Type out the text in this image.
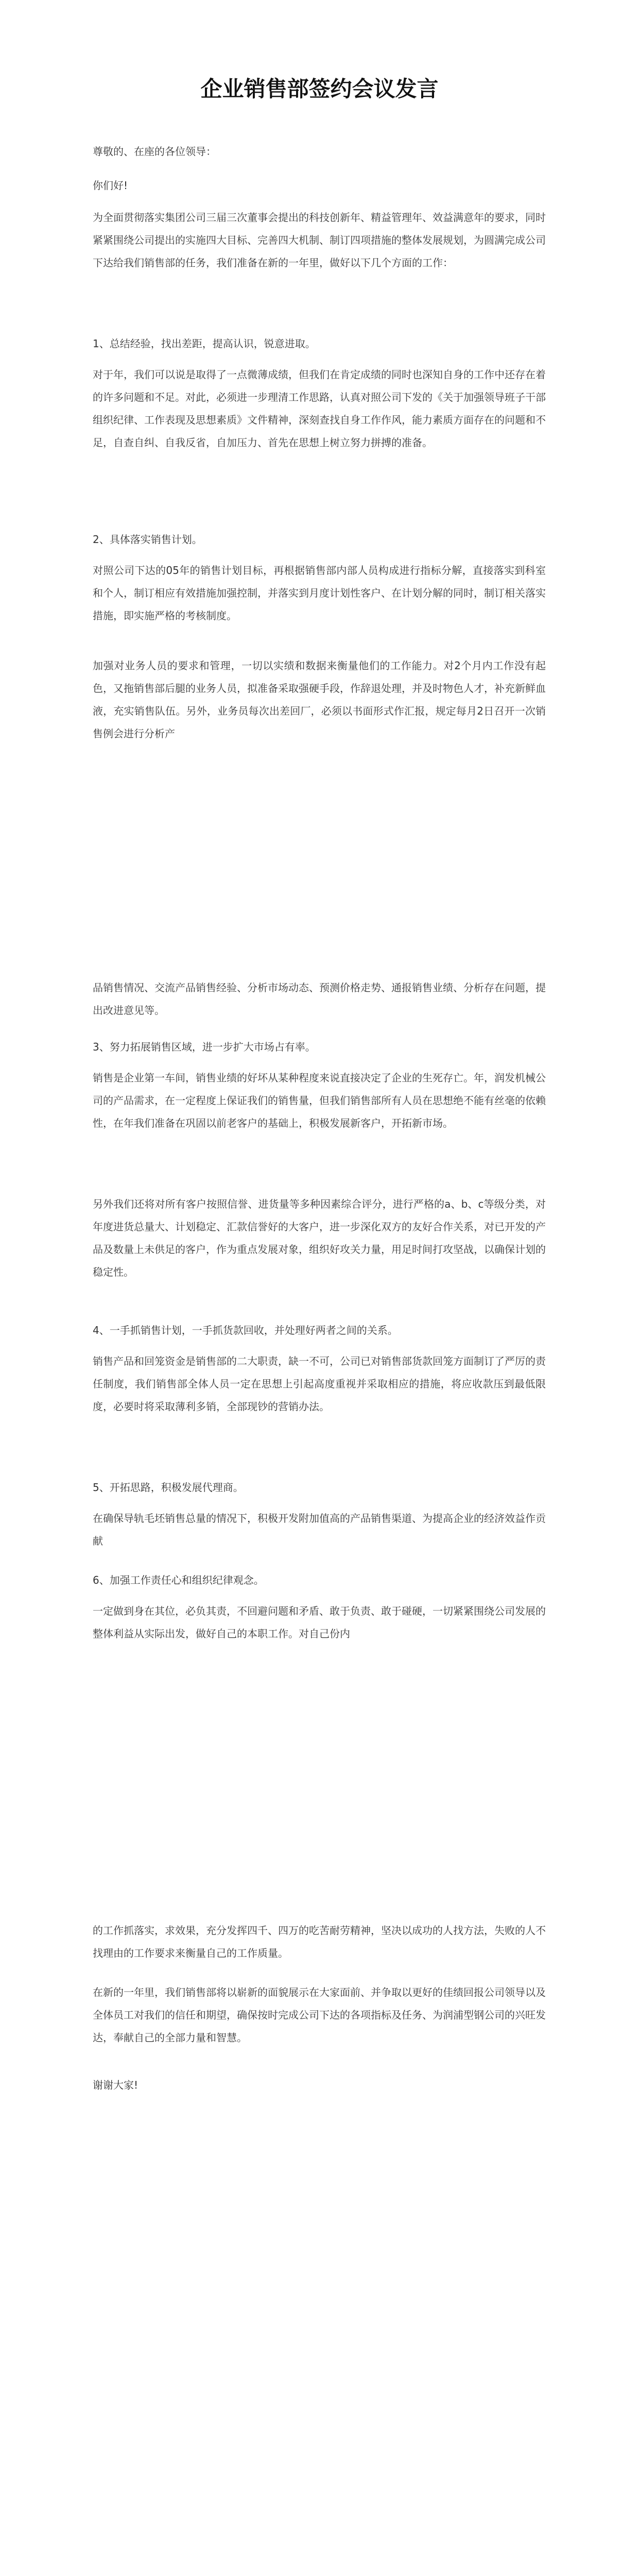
企业销售部签约会议发言

尊敬的、在座的各位领导：

你们好!

为全面贯彻落实集团公司三届三次董事会提出的科技创新年、精益管理年、效益满意年的要求，同时紧紧围绕公司提出的实施四大目标、完善四大机制、制订四项措施的整体发展规划，为圆满完成公司下达给我们销售部的任务，我们准备在新的一年里，做好以下几个方面的工作：

1、总结经验，找出差距，提高认识，锐意进取。

对于年，我们可以说是取得了一点微薄成绩，但我们在肯定成绩的同时也深知自身的工作中还存在着的许多问题和不足。对此，必须进一步理清工作思路，认真对照公司下发的《关于加强领导班子干部组织纪律、工作表现及思想素质》文件精神，深刻查找自身工作作风，能力素质方面存在的问题和不足，自查自纠、自我反省，自加压力、首先在思想上树立努力拼搏的准备。

2、具体落实销售计划。

对照公司下达的05年的销售计划目标，再根据销售部内部人员构成进行指标分解，直接落实到科室和个人，制订相应有效措施加强控制，并落实到月度计划性客户、在计划分解的同时，制订相关落实措施，即实施严格的考核制度。

加强对业务人员的要求和管理，一切以实绩和数据来衡量他们的工作能力。对2个月内工作没有起色，又拖销售部后腿的业务人员，拟准备采取强硬手段，作辞退处理，并及时物色人才，补充新鲜血液，充实销售队伍。另外，业务员每次出差回厂，必须以书面形式作汇报，规定每月2日召开一次销售例会进行分析产

品销售情况、交流产品销售经验、分析市场动态、预测价格走势、通报销售业绩、分析存在问题，提出改进意见等。

3、努力拓展销售区域，进一步扩大市场占有率。

销售是企业第一车间，销售业绩的好坏从某种程度来说直接决定了企业的生死存亡。年，润发机械公司的产品需求，在一定程度上保证我们的销售量，但我们销售部所有人员在思想绝不能有丝毫的依赖性，在年我们准备在巩固以前老客户的基础上，积极发展新客户，开拓新市场。

另外我们还将对所有客户按照信誉、进货量等多种因素综合评分，进行严格的a、b、c等级分类，对年度进货总量大、计划稳定、汇款信誉好的大客户，进一步深化双方的友好合作关系，对已开发的产品及数量上未供足的客户，作为重点发展对象，组织好攻关力量，用足时间打攻坚战，以确保计划的稳定性。

4、一手抓销售计划，一手抓货款回收，并处理好两者之间的关系。

销售产品和回笼资金是销售部的二大职责，缺一不可，公司已对销售部货款回笼方面制订了严厉的责任制度，我们销售部全体人员一定在思想上引起高度重视并采取相应的措施，将应收款压到最低限度，必要时将采取薄利多销，全部现钞的营销办法。

5、开拓思路，积极发展代理商。

在确保导轨毛坯销售总量的情况下，积极开发附加值高的产品销售渠道、为提高企业的经济效益作贡献

6、加强工作责任心和组织纪律观念。

一定做到身在其位，必负其责，不回避问题和矛盾、敢于负责、敢于碰硬，一切紧紧围绕公司发展的整体利益从实际出发，做好自己的本职工作。对自己份内

的工作抓落实，求效果，充分发挥四千、四万的吃苦耐劳精神，坚决以成功的人找方法，失败的人不找理由的工作要求来衡量自己的工作质量。

在新的一年里，我们销售部将以崭新的面貌展示在大家面前、并争取以更好的佳绩回报公司领导以及全体员工对我们的信任和期望，确保按时完成公司下达的各项指标及任务、为润浦型钢公司的兴旺发达，奉献自己的全部力量和智慧。

谢谢大家!
